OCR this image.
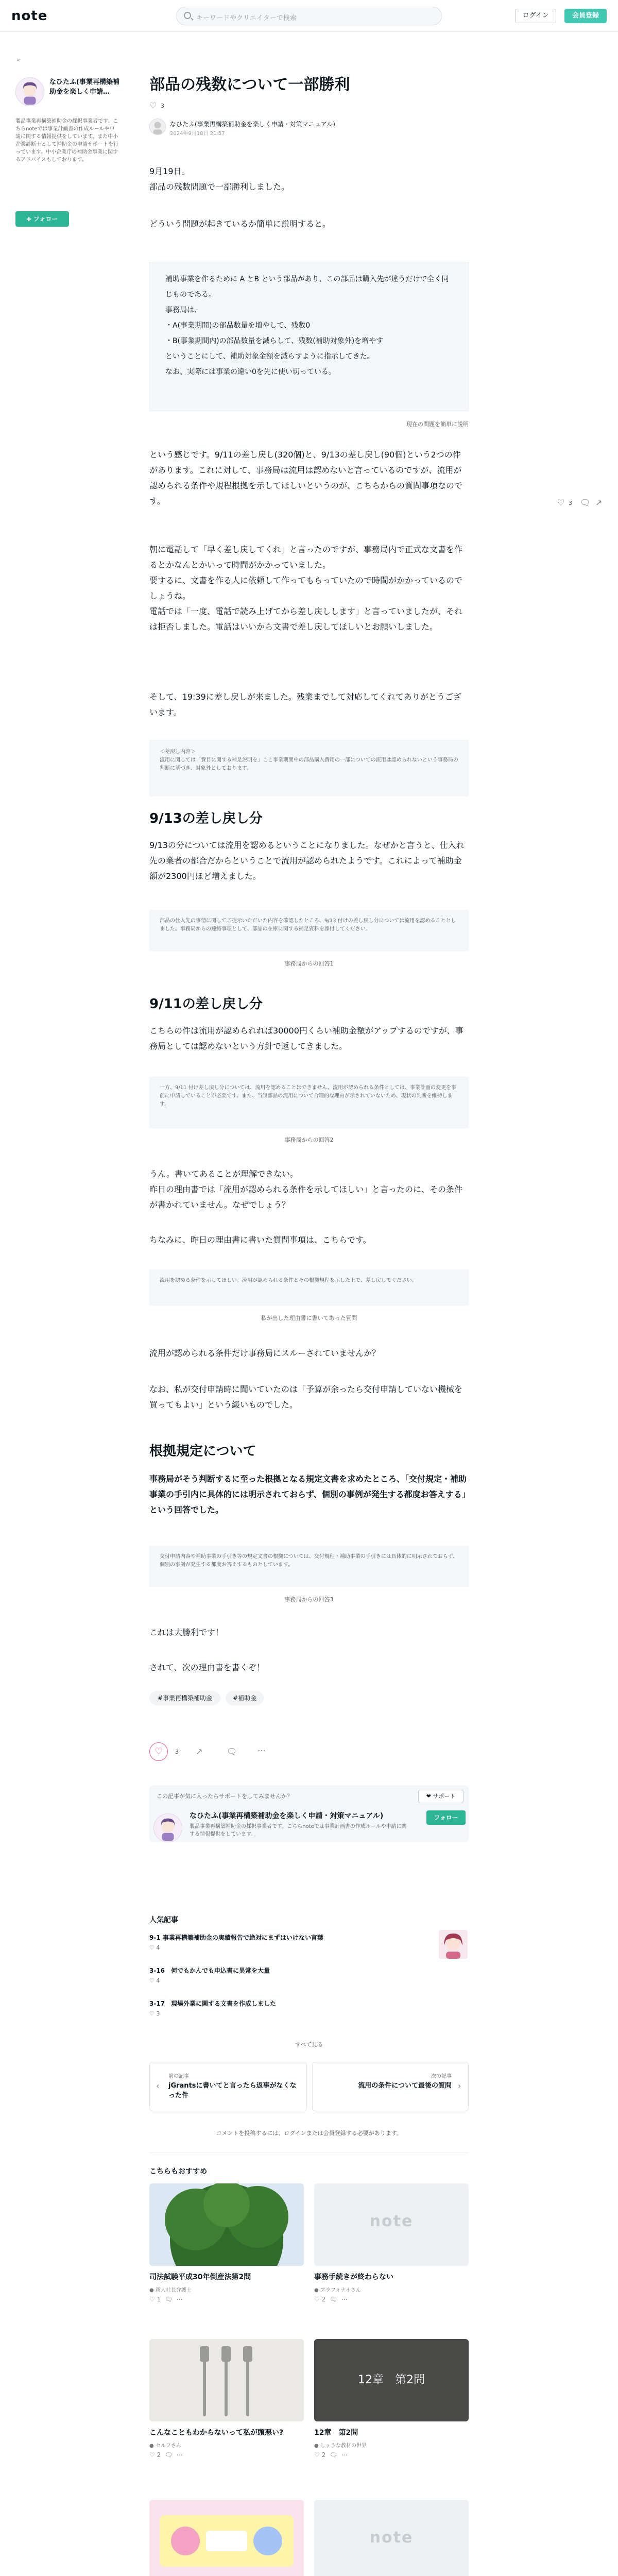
note	キーワードやクリエイターで検索	ログイン	会員登録
«
なひたふ(事業再構築補助金を楽しく申請…
製品事業再構築補助金の採択事業者です。こちらnoteでは事業計画書の作成ルールや申請に関する情報提供をしています。また中小企業診断士として補助金の申請サポートを行っています。中小企業庁の補助金事業に関するアドバイスもしております。
➕︎ フォロー
♡ 3 🗨︎ ↗
部品の残数について一部勝利
♡ 3
なひたふ(事業再構築補助金を楽しく申請・対策マニュアル)
2024年9月18日 21:57
9月19日。
部品の残数問題で一部勝利しました。
どういう問題が起きているか簡単に説明すると。
補助事業を作るために A とB という部品があり、この部品は購入先が違うだけで全く同じものである。
事務局は、
・A(事業期間)の部品数量を増やして、残数0
・B(事業期間内)の部品数量を減らして、残数(補助対象外)を増やす
ということにして、補助対象金額を減らすように指示してきた。
なお、実際には事業の違い0を先に使い切っている。
現在の問題を簡単に説明
という感じです。9/11の差し戻し(320個)と、9/13の差し戻し(90個)という2つの件があります。これに対して、事務局は流用は認めないと言っているのですが、流用が認められる条件や規程根拠を示してほしいというのが、こちらからの質問事項なのです。
朝に電話して「早く差し戻してくれ」と言ったのですが、事務局内で正式な文書を作るとかなんとかいって時間がかかっていました。
要するに、文書を作る人に依頼して作ってもらっていたので時間がかかっているのでしょうね。
電話では「一度、電話で読み上げてから差し戻しします」と言っていましたが、それは拒否しました。電話はいいから文書で差し戻してほしいとお願いしました。
そして、19:39に差し戻しが来ました。残業までして対応してくれてありがとうございます。
＜差戻し内容＞
流用に関しては「費目に関する補足説明を」ここ事業期間中の部品購入費用の一部についての流用は認められないという事務局の判断に基づき、対象外としております。
9/13の差し戻し分
9/13の分については流用を認めるということになりました。なぜかと言うと、仕入れ先の業者の都合だからということで流用が認められたようです。これによって補助金額が2300円ほど増えました。
部品の仕入先の事情に関してご提示いただいた内容を確認したところ、9/13 付けの差し戻し分については流用を認めることとしました。事務局からの連絡事項として、部品の在庫に関する補足資料を添付してください。
事務局からの回答1
9/11の差し戻し分
こちらの件は流用が認められれば30000円くらい補助金額がアップするのですが、事務局としては認めないという方針で返してきました。
一方、9/11 付け差し戻し分については、流用を認めることはできません。流用が認められる条件としては、事業計画の変更を事前に申請していることが必要です。また、当該部品の流用について合理的な理由が示されていないため、現状の判断を維持します。
事務局からの回答2
うん。書いてあることが理解できない。
昨日の理由書では「流用が認められる条件を示してほしい」と言ったのに、その条件が書かれていません。なぜでしょう？
ちなみに、昨日の理由書に書いた質問事項は、こちらです。
流用を認める条件を示してほしい。流用が認められる条件とその根拠規程を示した上で、差し戻してください。
私が出した理由書に書いてあった質問
流用が認められる条件だけ事務局にスルーされていませんか？
なお、私が交付申請時に聞いていたのは「予算が余ったら交付申請していない機械を買ってもよい」という緩いものでした。
根拠規定について
事務局がそう判断するに至った根拠となる規定文書を求めたところ、「交付規定・補助事業の手引内に具体的には明示されておらず、個別の事例が発生する都度お答えする」という回答でした。
交付申請内容や補助事業の手引き等の規定文書の根拠については、交付規程・補助事業の手引きには具体的に明示されておらず、個別の事例が発生する都度お答えするものとしています。
事務局からの回答3
これは大勝利です！
されて、次の理由書を書くぞ！
#事業再構築補助金	#補助金
♡	3 ↗	🗨︎ ⋯
この記事が気に入ったらサポートをしてみませんか？	❤︎ サポート
なひたふ(事業再構築補助金を楽しく申請・対策マニュアル)
製品事業再構築補助金の採択事業者です。こちらnoteでは事業計画書の作成ルールや申請に関する情報提供をしています。
フォロー
人気記事
9-1 事業再構築補助金の実績報告で絶対にまずはいけない言葉
♡ 4
3-16　何でもかんでも申込書に異常を大量
♡ 4
3-17　現場外業に関する文書を作成しました
♡ 3
すべて見る
‹
前の記事
jGrantsに書いてと言ったら返事がなくなった件
次の記事
流用の条件について最後の質問 ›
コメントを投稿するには、ログインまたは会員登録する必要があります。
こちらもおすすめ
司法試験平成30年倒産法第2問
● 新人社長弁護士
♡ 1  🗨︎  ⋯
note
事務手続きが終わらない
● アラフォナイさん
♡ 2  🗨︎  ⋯
こんなこともわからないって私が頭悪い?
● セルフさん
♡ 2  🗨︎  ⋯
12章　第2問
12章　第2問
● しょうな教材の世界
♡ 2  🗨︎  ⋯
note
